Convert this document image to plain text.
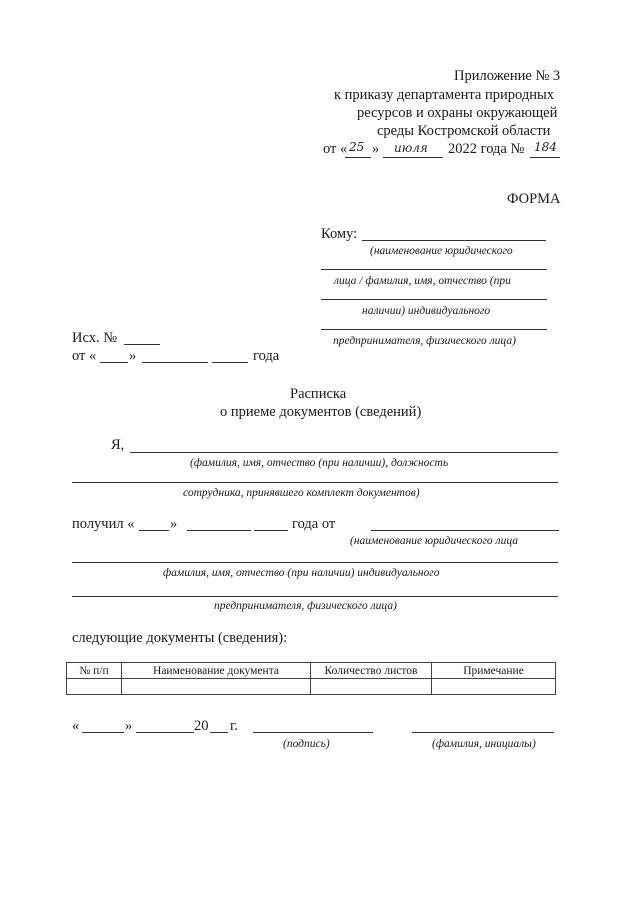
Приложение № 3
к приказу департамента природных
ресурсов и охраны окружающей
среды Костромской области
от « 25 » июля 2022 года № 184
ФОРМА
Кому:
(наименование юридического
лица / фамилия, имя, отчество (при
наличии) индивидуального
предпринимателя, физического лица)
Исх. №
от « »	года
Расписка
о приеме документов (сведений)
Я,
(фамилия, имя, отчество (при наличии), должность
сотрудника, принявшего комплект документов)
получил « »	года от
(наименование юридического лица
фамилия, имя, отчество (при наличии) индивидуального
предпринимателя, физического лица)
следующие документы (сведения):
№ п/п	Наименование документа	Количество листов	Примечание

«	»	20 г.
(подпись)	(фамилия, инициалы)
